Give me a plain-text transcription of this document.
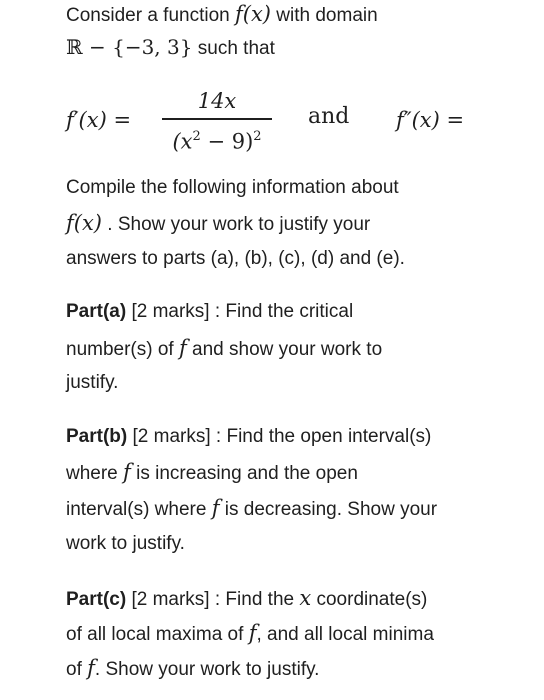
Consider a function f(x) with domain
ℝ − {−3, 3} such that
f′(x) =
14x
$(x^2 - 9)^2$
and f″(x) =
Compile the following information about
f(x) . Show your work to justify your
answers to parts (a), (b), (c), (d) and (e).
Part(a) [2 marks] : Find the critical
number(s) of f and show your work to
justify.
Part(b) [2 marks] : Find the open interval(s)
where f is increasing and the open
interval(s) where f is decreasing. Show your
work to justify.
Part(c) [2 marks] : Find the x coordinate(s)
of all local maxima of f, and all local minima
of f. Show your work to justify.
